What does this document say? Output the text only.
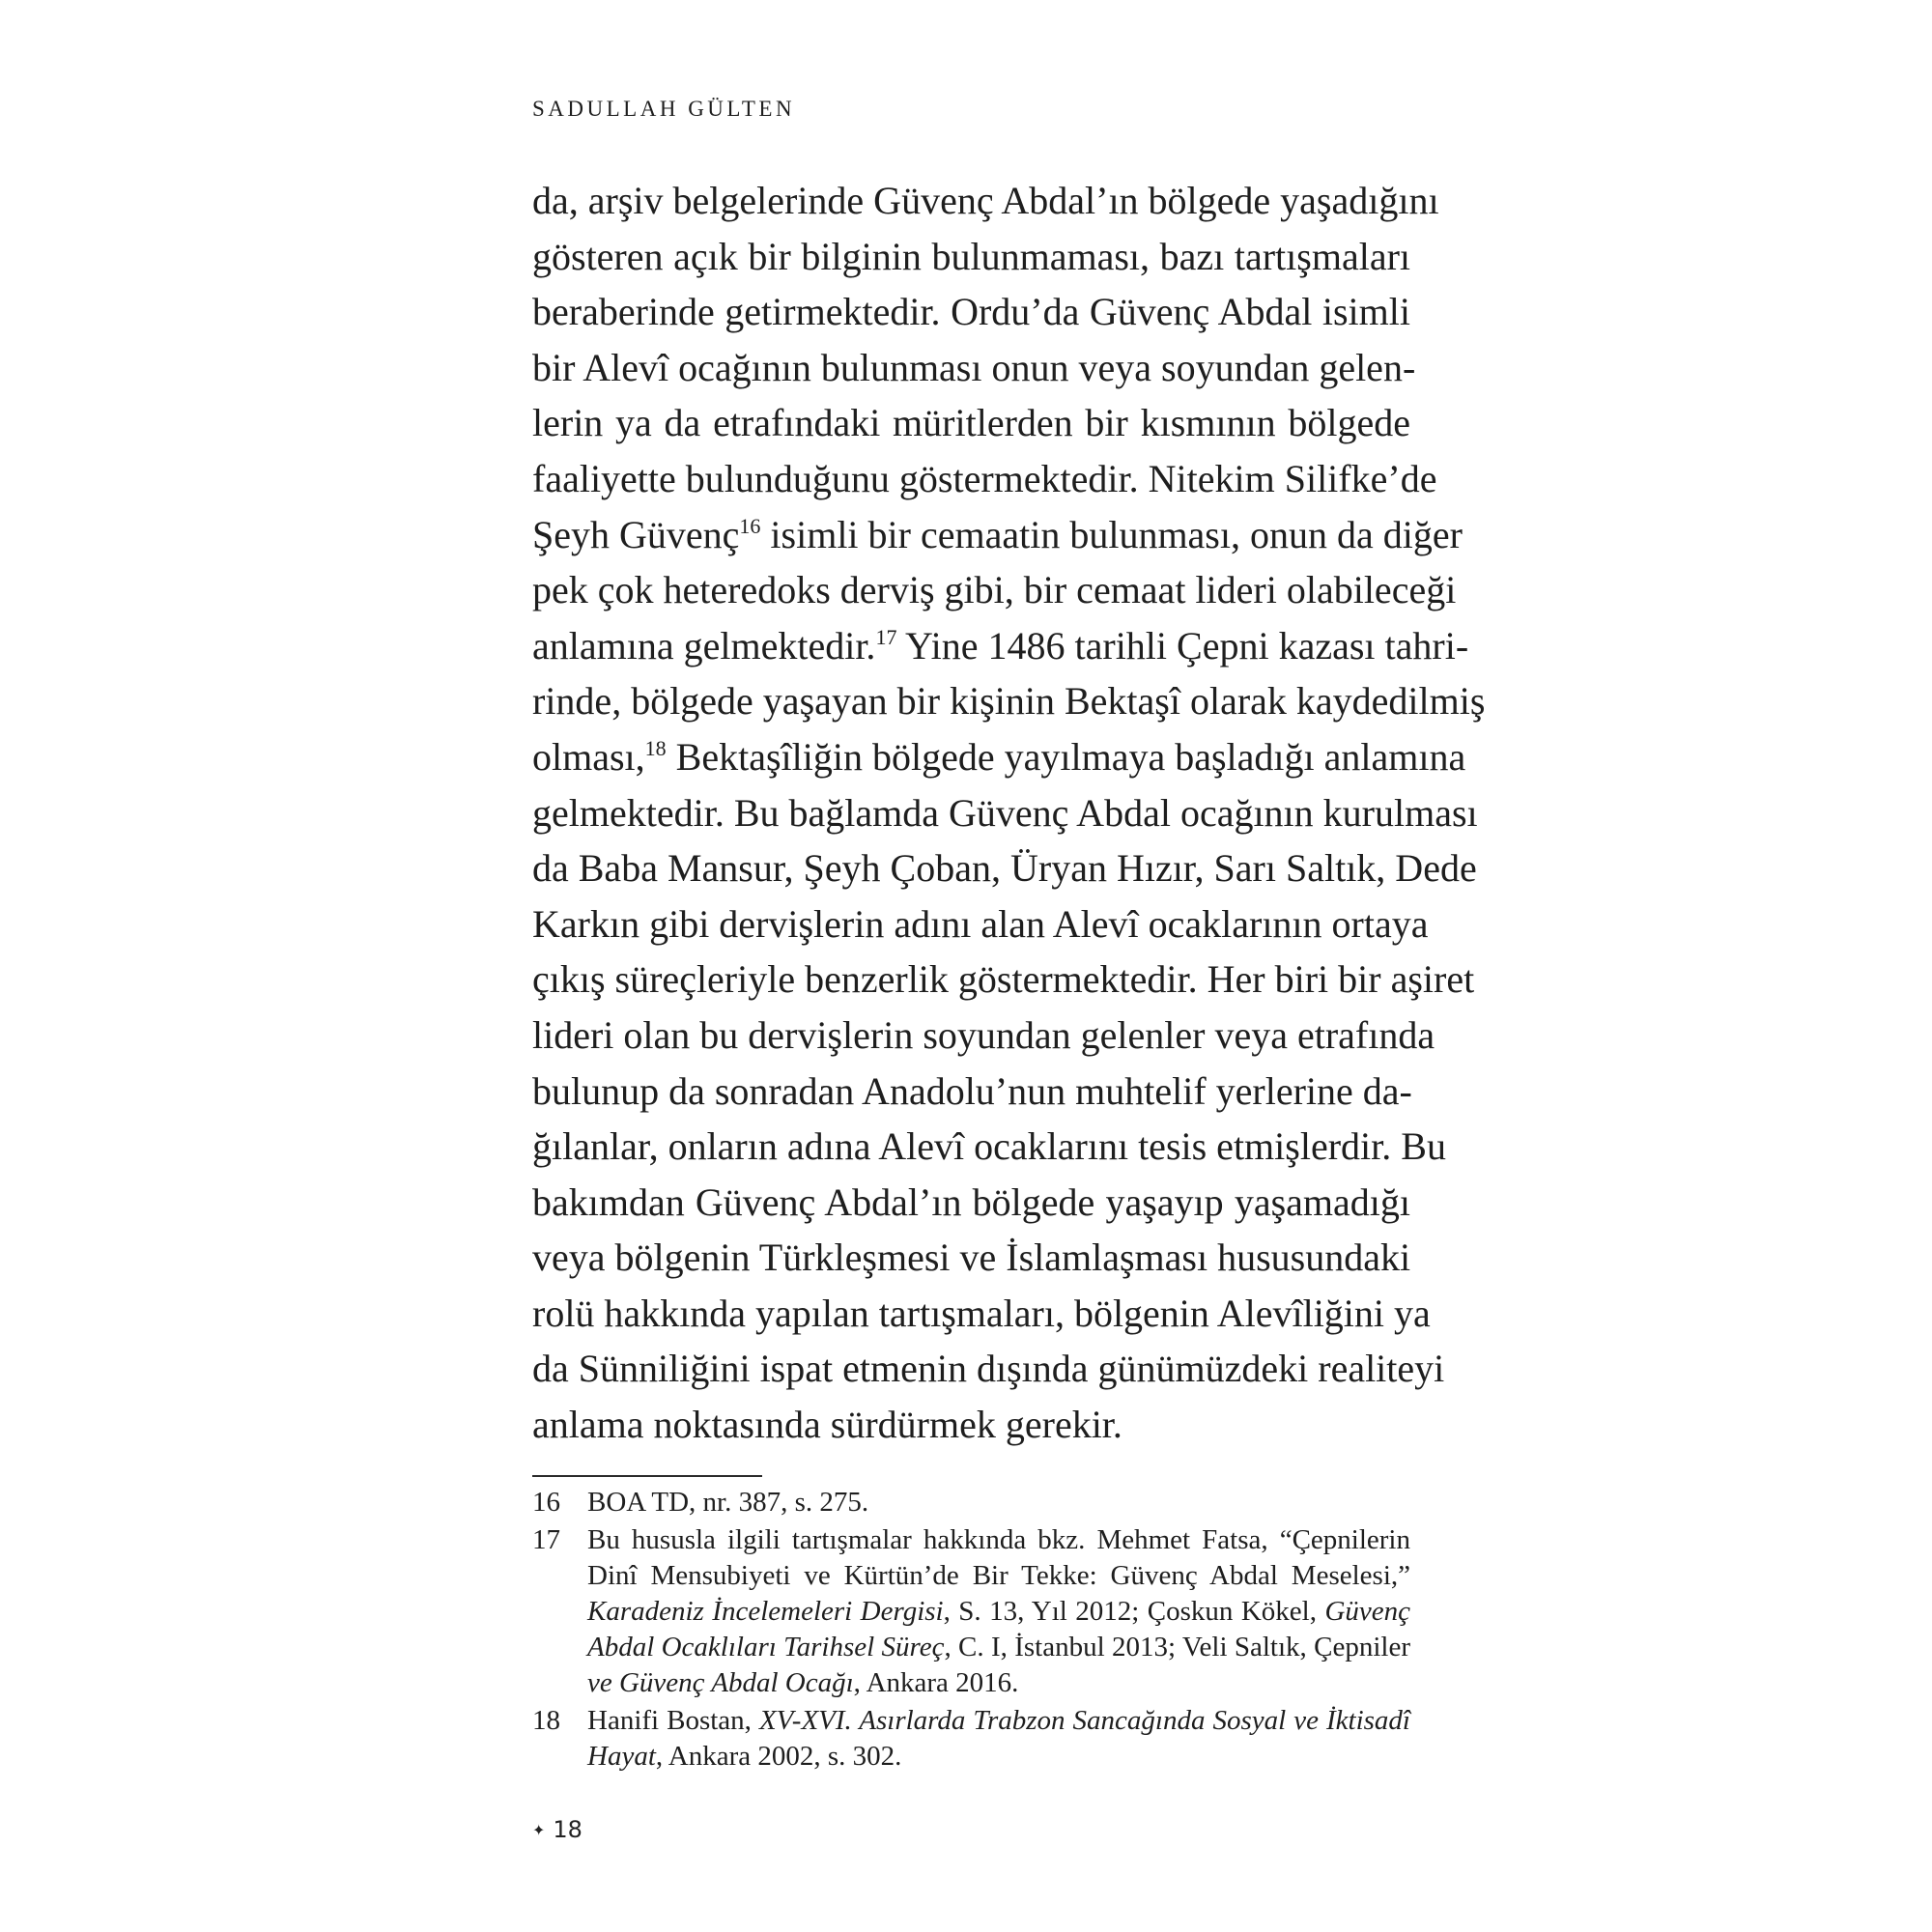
SADULLAH GÜLTEN
da, arşiv belgelerinde Güvenç Abdal’ın bölgede yaşadığını
gösteren açık bir bilginin bulunmaması, bazı tartışmaları
beraberinde getirmektedir. Ordu’da Güvenç Abdal isimli
bir Alevî ocağının bulunması onun veya soyundan gelen-
lerin ya da etrafındaki müritlerden bir kısmının bölgede
faaliyette bulunduğunu göstermektedir. Nitekim Silifke’de
Şeyh Güvenç$^{16}$ isimli bir cemaatin bulunması, onun da diğer
pek çok heteredoks derviş gibi, bir cemaat lideri olabileceği
anlamına gelmektedir.$^{17}$ Yine 1486 tarihli Çepni kazası tahri-
rinde, bölgede yaşayan bir kişinin Bektaşî olarak kaydedilmiş
olması,$^{18}$ Bektaşîliğin bölgede yayılmaya başladığı anlamına
gelmektedir. Bu bağlamda Güvenç Abdal ocağının kurulması
da Baba Mansur, Şeyh Çoban, Üryan Hızır, Sarı Saltık, Dede
Karkın gibi dervişlerin adını alan Alevî ocaklarının ortaya
çıkış süreçleriyle benzerlik göstermektedir. Her biri bir aşiret
lideri olan bu dervişlerin soyundan gelenler veya etrafında
bulunup da sonradan Anadolu’nun muhtelif yerlerine da-
ğılanlar, onların adına Alevî ocaklarını tesis etmişlerdir. Bu
bakımdan Güvenç Abdal’ın bölgede yaşayıp yaşamadığı
veya bölgenin Türkleşmesi ve İslamlaşması hususundaki
rolü hakkında yapılan tartışmaları, bölgenin Alevîliğini ya
da Sünniliğini ispat etmenin dışında günümüzdeki realiteyi
anlama noktasında sürdürmek gerekir.
16 BOA TD, nr. 387, s. 275.
17 Bu hususla ilgili tartışmalar hakkında bkz. Mehmet Fatsa, “Çepnilerin
Dinî Mensubiyeti ve Kürtün’de Bir Tekke: Güvenç Abdal Meselesi,”
Karadeniz İncelemeleri Dergisi, S. 13, Yıl 2012; Çoskun Kökel, Güvenç
Abdal Ocaklıları Tarihsel Süreç, C. I, İstanbul 2013; Veli Saltık, Çepniler
ve Güvenç Abdal Ocağı, Ankara 2016.
18 Hanifi Bostan, XV-XVI. Asırlarda Trabzon Sancağında Sosyal ve İktisadî
Hayat, Ankara 2002, s. 302.
✦ 18
